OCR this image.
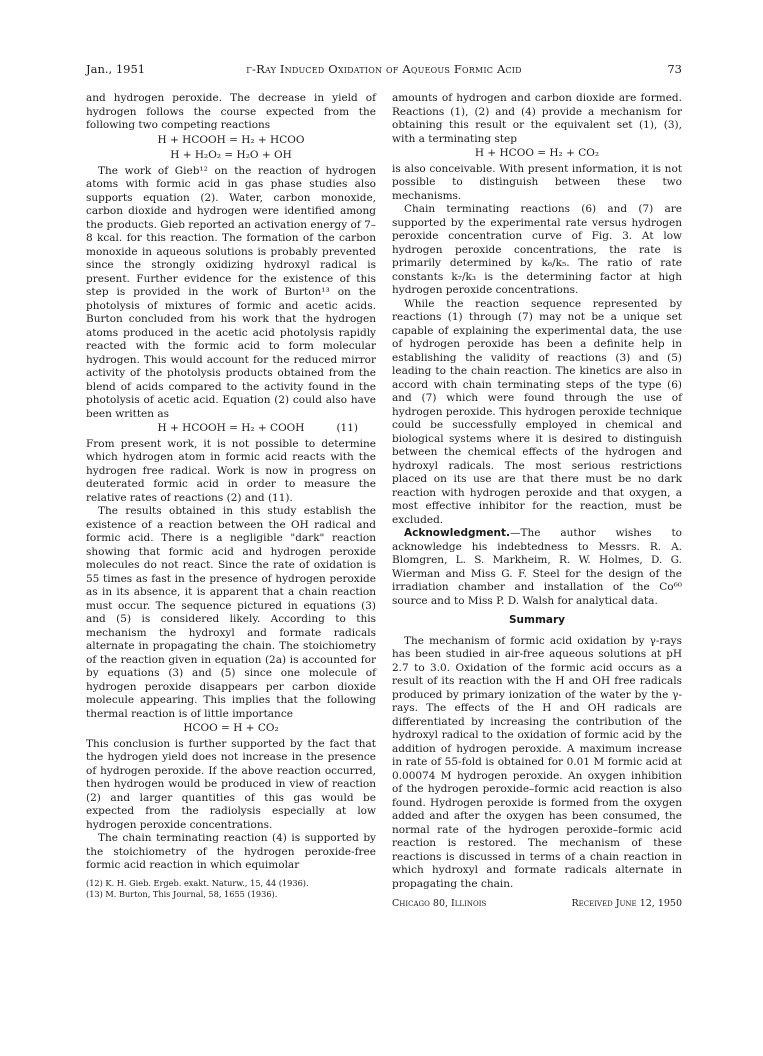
Jan., 1951	γ-Ray Induced Oxidation of Aqueous Formic Acid	73

and hydrogen peroxide. The decrease in yield of hydrogen follows the course expected from the following two competing reactions

H + HCOOH = H₂ + HCOO
H + H₂O₂ = H₂O + OH

The work of Gieb¹² on the reaction of hydrogen atoms with formic acid in gas phase studies also supports equation (2). Water, carbon monoxide, carbon dioxide and hydrogen were identified among the products. Gieb reported an activation energy of 7–8 kcal. for this reaction. The formation of the carbon monoxide in aqueous solutions is probably prevented since the strongly oxidizing hydroxyl radical is present. Further evidence for the existence of this step is provided in the work of Burton¹³ on the photolysis of mixtures of formic and acetic acids. Burton concluded from his work that the hydrogen atoms produced in the acetic acid photolysis rapidly reacted with the formic acid to form molecular hydrogen. This would account for the reduced mirror activity of the photolysis products obtained from the blend of acids compared to the activity found in the photolysis of acetic acid. Equation (2) could also have been written as

H + HCOOH = H₂ + COOH	(11)

From present work, it is not possible to determine which hydrogen atom in formic acid reacts with the hydrogen free radical. Work is now in progress on deuterated formic acid in order to measure the relative rates of reactions (2) and (11).

The results obtained in this study establish the existence of a reaction between the OH radical and formic acid. There is a negligible "dark" reaction showing that formic acid and hydrogen peroxide molecules do not react. Since the rate of oxidation is 55 times as fast in the presence of hydrogen peroxide as in its absence, it is apparent that a chain reaction must occur. The sequence pictured in equations (3) and (5) is considered likely. According to this mechanism the hydroxyl and formate radicals alternate in propagating the chain. The stoichiometry of the reaction given in equation (2a) is accounted for by equations (3) and (5) since one molecule of hydrogen peroxide disappears per carbon dioxide molecule appearing. This implies that the following thermal reaction is of little importance

HCOO = H + CO₂

This conclusion is further supported by the fact that the hydrogen yield does not increase in the presence of hydrogen peroxide. If the above reaction occurred, then hydrogen would be produced in view of reaction (2) and larger quantities of this gas would be expected from the radiolysis especially at low hydrogen peroxide concentrations.

The chain terminating reaction (4) is supported by the stoichiometry of the hydrogen peroxide-free formic acid reaction in which equimolar

(12) K. H. Gieb. Ergeb. exakt. Naturw., 15, 44 (1936).
(13) M. Burton, This Journal, 58, 1655 (1936).

amounts of hydrogen and carbon dioxide are formed. Reactions (1), (2) and (4) provide a mechanism for obtaining this result or the equivalent set (1), (3), with a terminating step

H + HCOO = H₂ + CO₂

is also conceivable. With present information, it is not possible to distinguish between these two mechanisms.

Chain terminating reactions (6) and (7) are supported by the experimental rate versus hydrogen peroxide concentration curve of Fig. 3. At low hydrogen peroxide concentrations, the rate is primarily determined by k₆/k₅. The ratio of rate constants k₇/k₃ is the determining factor at high hydrogen peroxide concentrations.

While the reaction sequence represented by reactions (1) through (7) may not be a unique set capable of explaining the experimental data, the use of hydrogen peroxide has been a definite help in establishing the validity of reactions (3) and (5) leading to the chain reaction. The kinetics are also in accord with chain terminating steps of the type (6) and (7) which were found through the use of hydrogen peroxide. This hydrogen peroxide technique could be successfully employed in chemical and biological systems where it is desired to distinguish between the chemical effects of the hydrogen and hydroxyl radicals. The most serious restrictions placed on its use are that there must be no dark reaction with hydrogen peroxide and that oxygen, a most effective inhibitor for the reaction, must be excluded.

Acknowledgment.—The author wishes to acknowledge his indebtedness to Messrs. R. A. Blomgren, L. S. Markheim, R. W. Holmes, D. G. Wierman and Miss G. F. Steel for the design of the irradiation chamber and installation of the Co⁶⁰ source and to Miss P. D. Walsh for analytical data.

Summary

The mechanism of formic acid oxidation by γ-rays has been studied in air-free aqueous solutions at pH 2.7 to 3.0. Oxidation of the formic acid occurs as a result of its reaction with the H and OH free radicals produced by primary ionization of the water by the γ-rays. The effects of the H and OH radicals are differentiated by increasing the contribution of the hydroxyl radical to the oxidation of formic acid by the addition of hydrogen peroxide. A maximum increase in rate of 55-fold is obtained for 0.01 M formic acid at 0.00074 M hydrogen peroxide. An oxygen inhibition of the hydrogen peroxide–formic acid reaction is also found. Hydrogen peroxide is formed from the oxygen added and after the oxygen has been consumed, the normal rate of the hydrogen peroxide–formic acid reaction is restored. The mechanism of these reactions is discussed in terms of a chain reaction in which hydroxyl and formate radicals alternate in propagating the chain.

Chicago 80, Illinois	Received June 12, 1950
